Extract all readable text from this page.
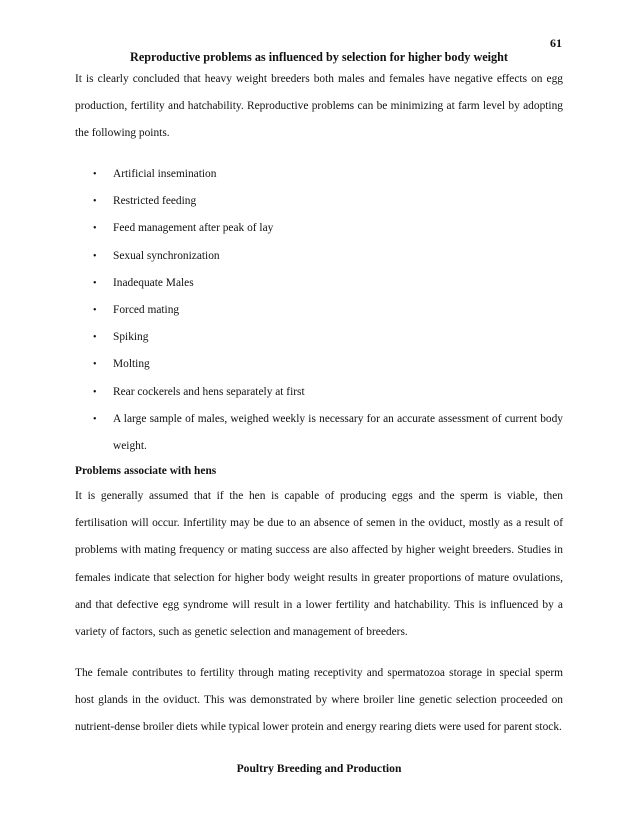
61
Reproductive problems as influenced by selection for higher body weight

It is clearly concluded that heavy weight breeders both males and females have negative effects on egg production, fertility and hatchability. Reproductive problems can be minimizing at farm level by adopting the following points.

• Artificial insemination
• Restricted feeding
• Feed management after peak of lay
• Sexual synchronization
• Inadequate Males
• Forced mating
• Spiking
• Molting
• Rear cockerels and hens separately at first
• A large sample of males, weighed weekly is necessary for an accurate assessment of current body weight.
Problems associate with hens

It is generally assumed that if the hen is capable of producing eggs and the sperm is viable, then fertilisation will occur. Infertility may be due to an absence of semen in the oviduct, mostly as a result of problems with mating frequency or mating success are also affected by higher weight breeders. Studies in females indicate that selection for higher body weight results in greater proportions of mature ovulations, and that defective egg syndrome will result in a lower fertility and hatchability. This is influenced by a variety of factors, such as genetic selection and management of breeders.

The female contributes to fertility through mating receptivity and spermatozoa storage in special sperm host glands in the oviduct. This was demonstrated by where broiler line genetic selection proceeded on nutrient-dense broiler diets while typical lower protein and energy rearing diets were used for parent stock.

Poultry Breeding and Production
